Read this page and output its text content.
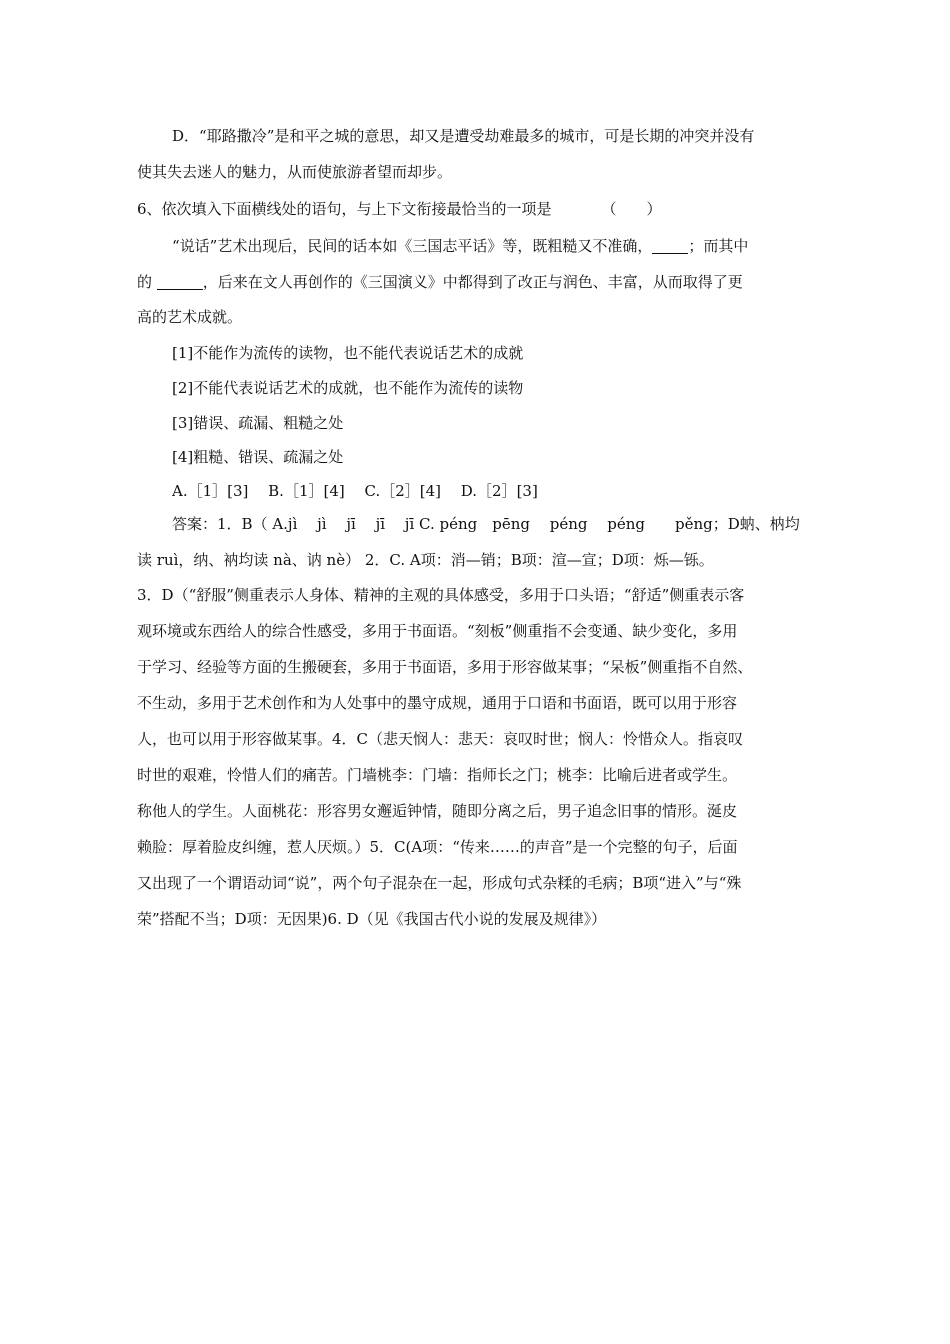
D．“耶路撒冷”是和平之城的意思，却又是遭受劫难最多的城市，可是长期的冲突并没有
使其失去迷人的魅力，从而使旅游者望而却步。
6、依次填入下面横线处的语句，与上下文衔接最恰当的一项是	（　　）
“说话”艺术出现后，民间的话本如《三国志平话》等，既粗糙又不准确， ；而其中
的	，后来在文人再创作的《三国演义》中都得到了改正与润色、丰富，从而取得了更
高的艺术成就。
[1]不能作为流传的读物，也不能代表说话艺术的成就
[2]不能代表说话艺术的成就，也不能作为流传的读物
[3]错误、疏漏、粗糙之处
[4]粗糙、错误、疏漏之处
A.［1］[3]　 B.［1］[4]　 C.［2］[4]　 D.［2］[3]
答案：1．B（ A.jì　 jì　 jī　 jī　 jī C. péng　pēng　 péng　 péng　　pěng；D蚋、枘均
读 ruì，纳、衲均读 nà、讷 nè） 2．C. A项：消—销；B项：渲—宣；D项：烁—铄。
3．D（“舒服”侧重表示人身体、精神的主观的具体感受，多用于口头语；“舒适”侧重表示客
观环境或东西给人的综合性感受，多用于书面语。“刻板”侧重指不会变通、缺少变化，多用
于学习、经验等方面的生搬硬套，多用于书面语，多用于形容做某事；“呆板”侧重指不自然、
不生动，多用于艺术创作和为人处事中的墨守成规，通用于口语和书面语，既可以用于形容
人，也可以用于形容做某事。4．C（悲天悯人：悲天：哀叹时世；悯人：怜惜众人。指哀叹
时世的艰难，怜惜人们的痛苦。门墙桃李：门墙：指师长之门；桃李：比喻后进者或学生。
称他人的学生。人面桃花：形容男女邂逅钟情，随即分离之后，男子追念旧事的情形。涎皮
赖脸：厚着脸皮纠缠，惹人厌烦。）5．C(A项：“传来……的声音”是一个完整的句子，后面
又出现了一个谓语动词“说”，两个句子混杂在一起，形成句式杂糅的毛病；B项“进入”与“殊
荣”搭配不当；D项：无因果)6. D（见《我国古代小说的发展及规律》）
